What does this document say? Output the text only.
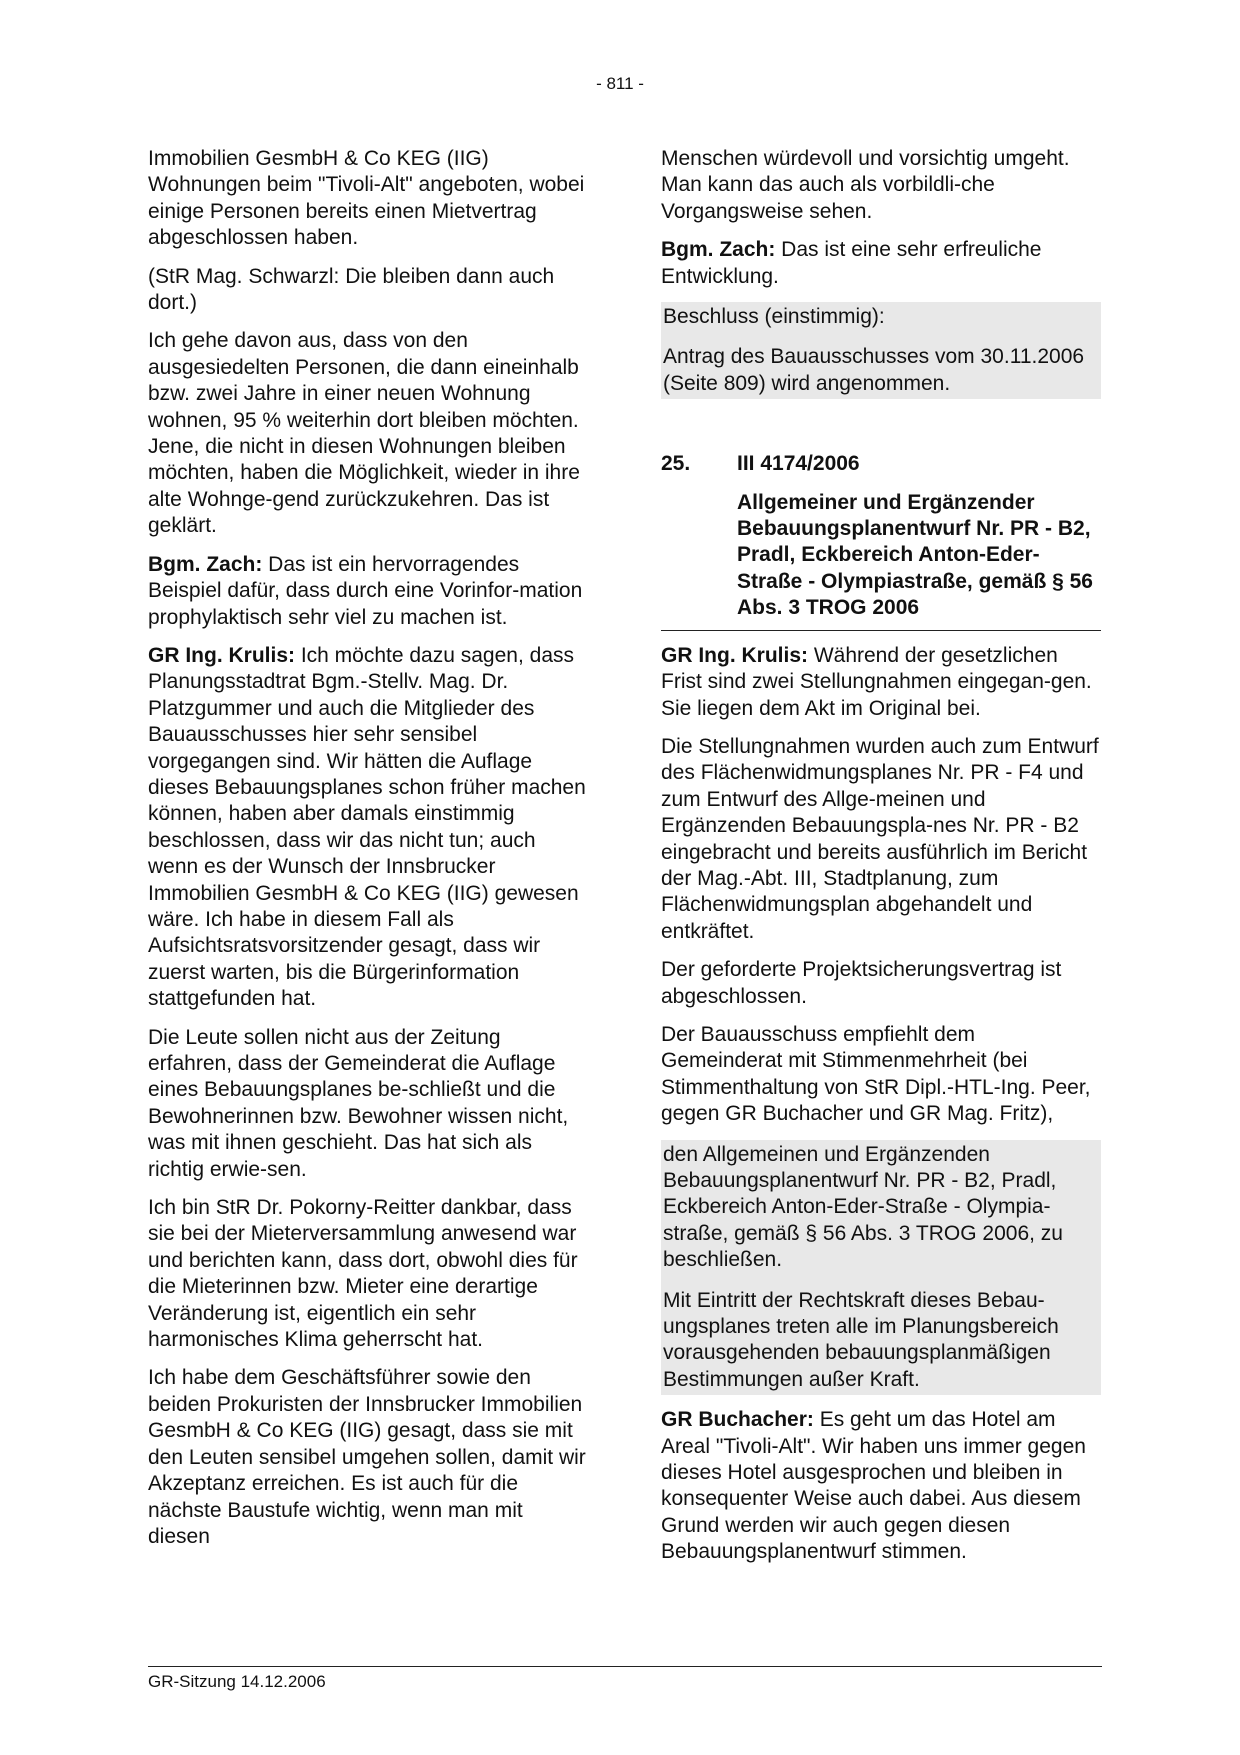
- 811 -

Immobilien GesmbH & Co KEG (IIG) Wohnungen beim "Tivoli-Alt" angeboten, wobei einige Personen bereits einen Mietvertrag abgeschlossen haben.

(StR Mag. Schwarzl: Die bleiben dann auch dort.)

Ich gehe davon aus, dass von den ausgesiedelten Personen, die dann eineinhalb bzw. zwei Jahre in einer neuen Wohnung wohnen, 95 % weiterhin dort bleiben möchten. Jene, die nicht in diesen Wohnungen bleiben möchten, haben die Möglichkeit, wieder in ihre alte Wohnge-gend zurückzukehren. Das ist geklärt.

Bgm. Zach: Das ist ein hervorragendes Beispiel dafür, dass durch eine Vorinfor-mation prophylaktisch sehr viel zu machen ist.

GR Ing. Krulis: Ich möchte dazu sagen, dass Planungsstadtrat Bgm.-Stellv. Mag. Dr. Platzgummer und auch die Mitglieder des Bauausschusses hier sehr sensibel vorgegangen sind. Wir hätten die Auflage dieses Bebauungsplanes schon früher machen können, haben aber damals einstimmig beschlossen, dass wir das nicht tun; auch wenn es der Wunsch der Innsbrucker Immobilien GesmbH & Co KEG (IIG) gewesen wäre. Ich habe in diesem Fall als Aufsichtsratsvorsitzender gesagt, dass wir zuerst warten, bis die Bürgerinformation stattgefunden hat.

Die Leute sollen nicht aus der Zeitung erfahren, dass der Gemeinderat die Auflage eines Bebauungsplanes be-schließt und die Bewohnerinnen bzw. Bewohner wissen nicht, was mit ihnen geschieht. Das hat sich als richtig erwie-sen.

Ich bin StR Dr. Pokorny-Reitter dankbar, dass sie bei der Mieterversammlung anwesend war und berichten kann, dass dort, obwohl dies für die Mieterinnen bzw. Mieter eine derartige Veränderung ist, eigentlich ein sehr harmonisches Klima geherrscht hat.

Ich habe dem Geschäftsführer sowie den beiden Prokuristen der Innsbrucker Immobilien GesmbH & Co KEG (IIG) gesagt, dass sie mit den Leuten sensibel umgehen sollen, damit wir Akzeptanz erreichen. Es ist auch für die nächste Baustufe wichtig, wenn man mit diesen

Menschen würdevoll und vorsichtig umgeht. Man kann das auch als vorbildli-che Vorgangsweise sehen.

Bgm. Zach: Das ist eine sehr erfreuliche Entwicklung.

Beschluss (einstimmig):
Antrag des Bauausschusses vom 30.11.2006 (Seite 809) wird angenommen.
25.	III 4174/2006
Allgemeiner und Ergänzender Bebauungsplanentwurf Nr. PR - B2, Pradl, Eckbereich Anton-Eder-Straße - Olympiastraße, gemäß § 56 Abs. 3 TROG 2006

GR Ing. Krulis: Während der gesetzlichen Frist sind zwei Stellungnahmen eingegan-gen. Sie liegen dem Akt im Original bei.

Die Stellungnahmen wurden auch zum Entwurf des Flächenwidmungsplanes Nr. PR - F4 und zum Entwurf des Allge-meinen und Ergänzenden Bebauungspla-nes Nr. PR - B2 eingebracht und bereits ausführlich im Bericht der Mag.-Abt. III, Stadtplanung, zum Flächenwidmungsplan abgehandelt und entkräftet.

Der geforderte Projektsicherungsvertrag ist abgeschlossen.

Der Bauausschuss empfiehlt dem Gemeinderat mit Stimmenmehrheit (bei Stimmenthaltung von StR Dipl.-HTL-Ing. Peer, gegen GR Buchacher und GR Mag. Fritz),

den Allgemeinen und Ergänzenden Bebauungsplanentwurf Nr. PR - B2, Pradl, Eckbereich Anton-Eder-Straße - Olympia-straße, gemäß § 56 Abs. 3 TROG 2006, zu beschließen.
Mit Eintritt der Rechtskraft dieses Bebau-ungsplanes treten alle im Planungsbereich vorausgehenden bebauungsplanmäßigen Bestimmungen außer Kraft.

GR Buchacher: Es geht um das Hotel am Areal "Tivoli-Alt". Wir haben uns immer gegen dieses Hotel ausgesprochen und bleiben in konsequenter Weise auch dabei. Aus diesem Grund werden wir auch gegen diesen Bebauungsplanentwurf stimmen.

GR-Sitzung 14.12.2006
